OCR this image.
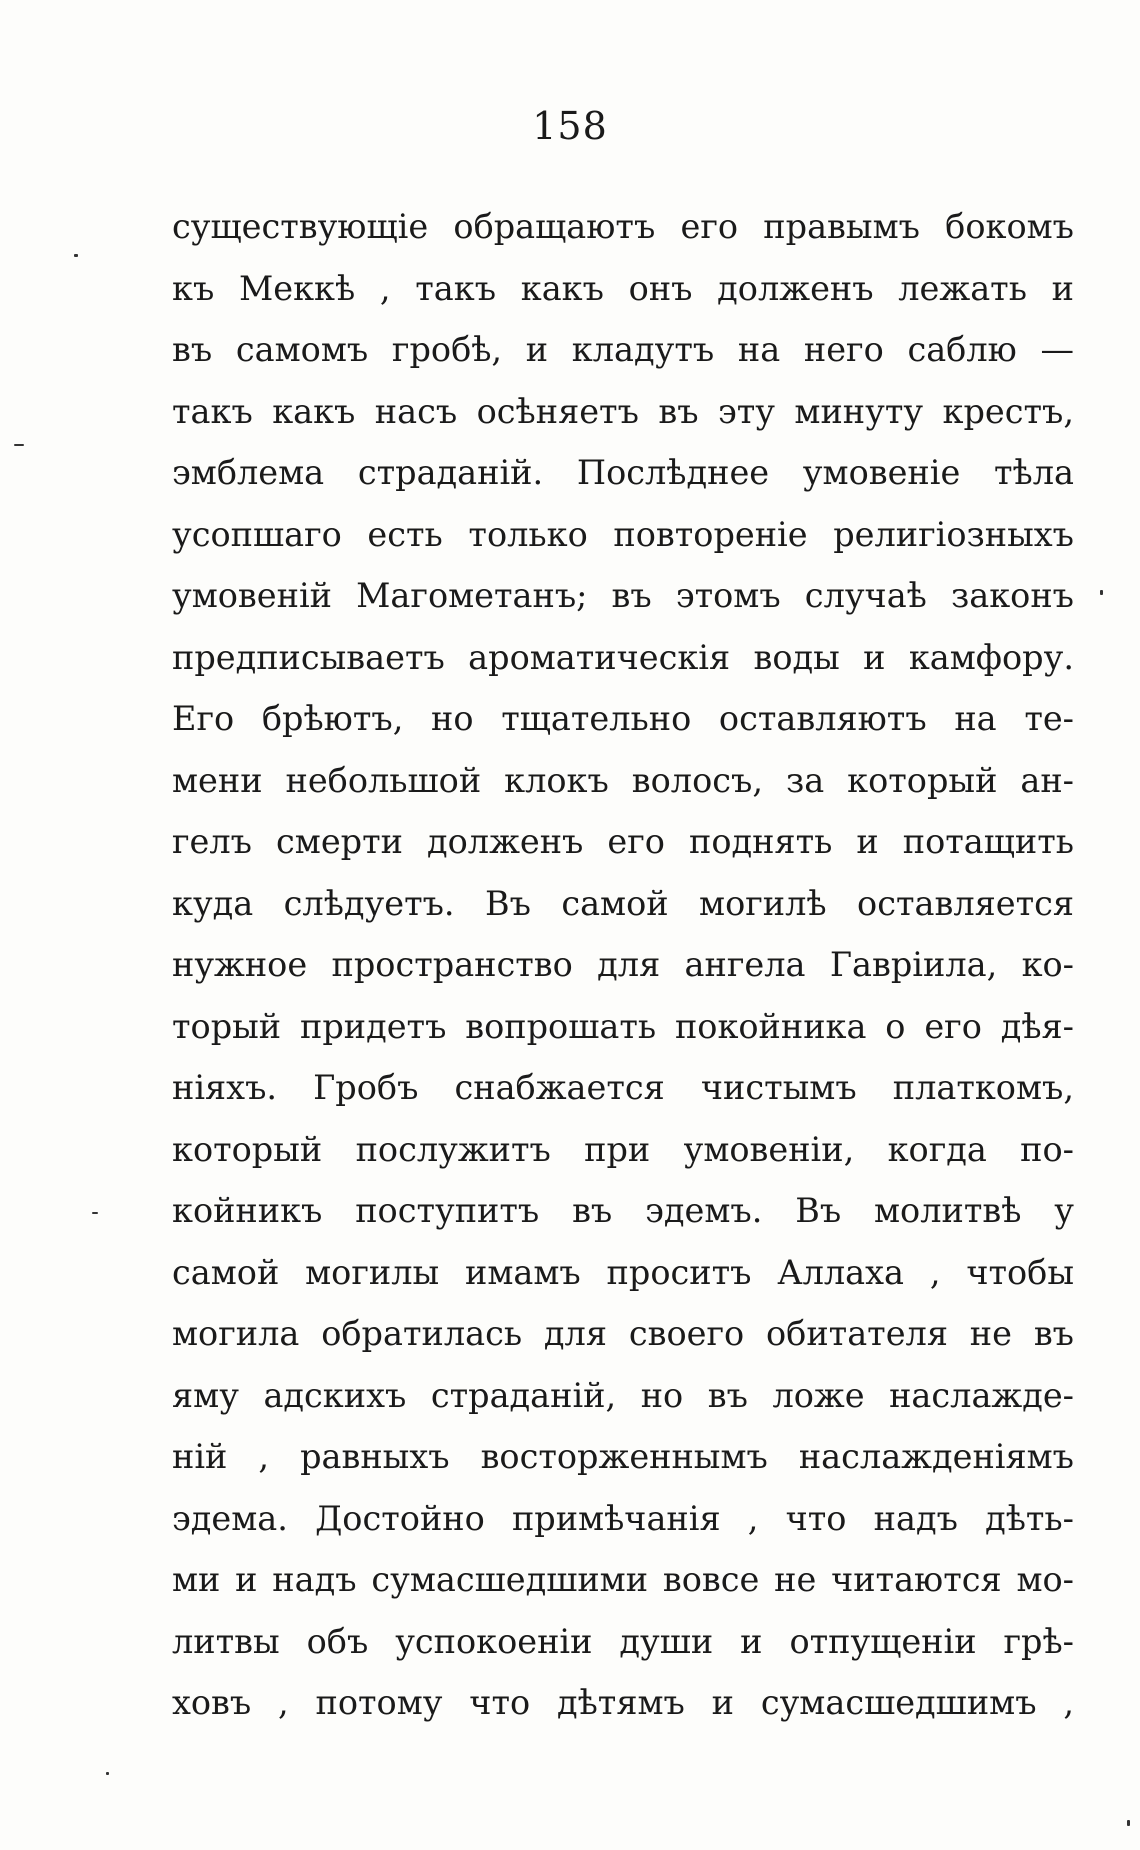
158
существующіе обращаютъ его правымъ бокомъ
къ Меккѣ , такъ какъ онъ долженъ лежать и
въ самомъ гробѣ, и кладутъ на него саблю —
такъ какъ насъ осѣняетъ въ эту минуту крестъ,
эмблема страданій. Послѣднее умовеніе тѣла
усопшаго есть только повтореніе религіозныхъ
умовеній Магометанъ; въ этомъ случаѣ законъ
предписываетъ ароматическія воды и камфору.
Его брѣютъ, но тщательно оставляютъ на те-
мени небольшой клокъ волосъ, за который ан-
гелъ смерти долженъ его поднять и потащить
куда слѣдуетъ. Въ самой могилѣ оставляется
нужное пространство для ангела Гавріила, ко-
торый придетъ вопрошать покойника о его дѣя-
ніяхъ. Гробъ снабжается чистымъ платкомъ,
который послужитъ при умовеніи, когда по-
койникъ поступитъ въ эдемъ. Въ молитвѣ у
самой могилы имамъ проситъ Аллаха , чтобы
могила обратилась для своего обитателя не въ
яму адскихъ страданій, но въ ложе наслажде-
ній , равныхъ восторженнымъ наслажденіямъ
эдема. Достойно примѣчанія , что надъ дѣть-
ми и надъ сумасшедшими вовсе не читаются мо-
литвы объ успокоеніи души и отпущеніи грѣ-
ховъ , потому что дѣтямъ и сумасшедшимъ ,
